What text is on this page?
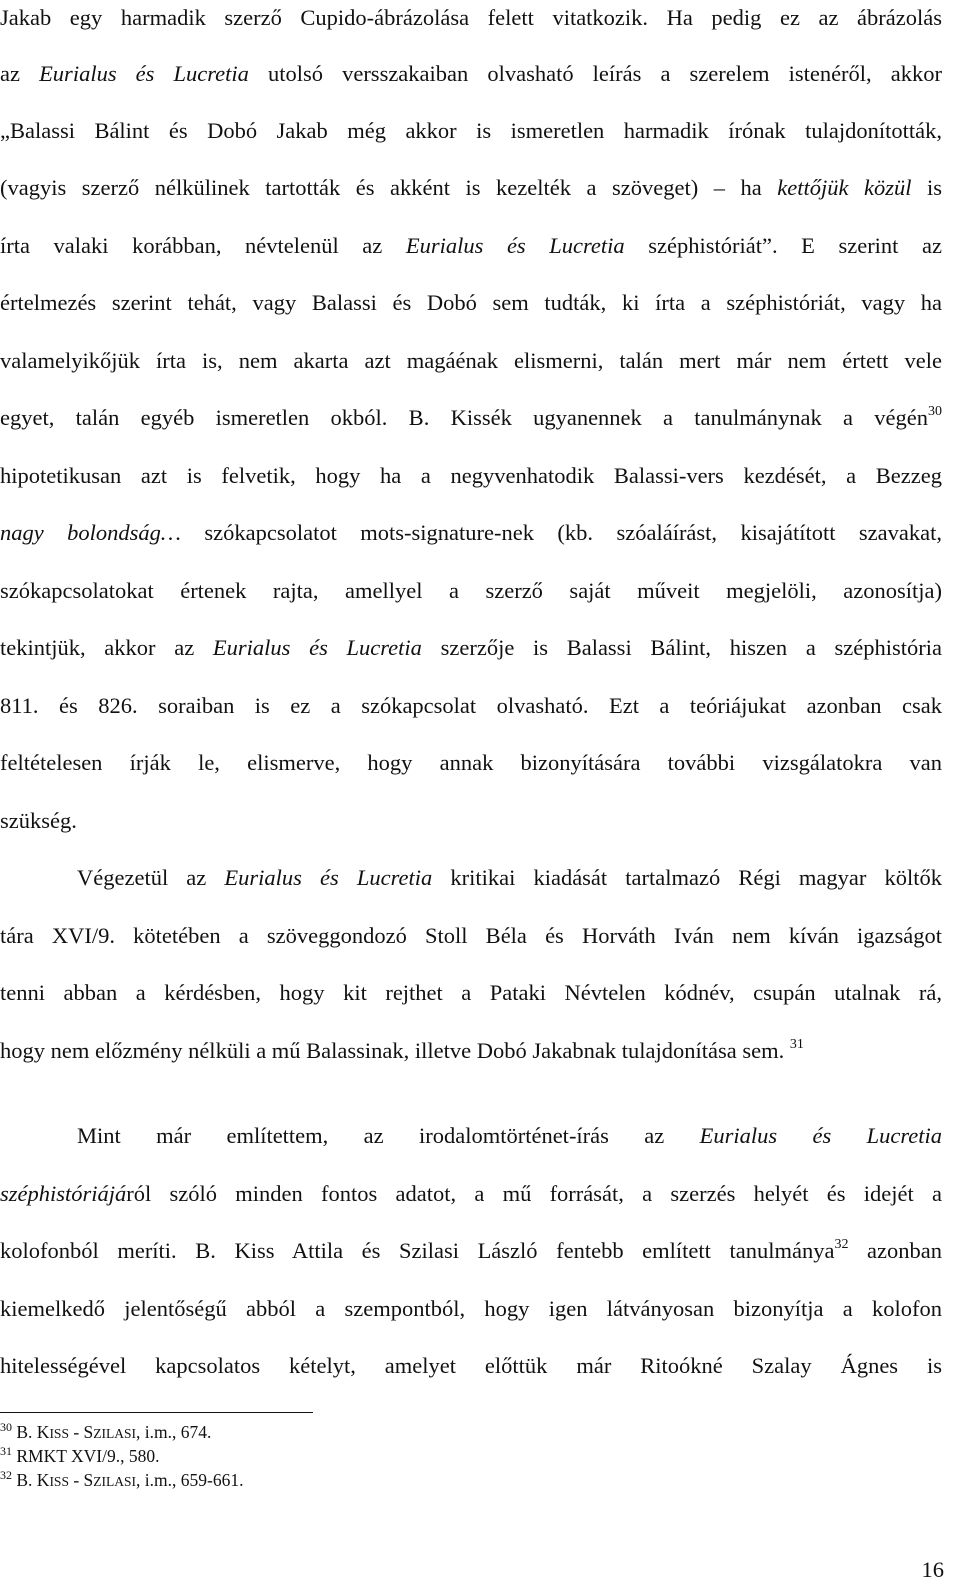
Jakab egy harmadik szerző Cupido-ábrázolása felett vitatkozik. Ha pedig ez az ábrázolás
az Eurialus és Lucretia utolsó versszakaiban olvasható leírás a szerelem istenéről, akkor
„Balassi Bálint és Dobó Jakab még akkor is ismeretlen harmadik írónak tulajdonították,
(vagyis szerző nélkülinek tartották és akként is kezelték a szöveget) – ha kettőjük közül is
írta valaki korábban, névtelenül az Eurialus és Lucretia széphistóriát”. E szerint az
értelmezés szerint tehát, vagy Balassi és Dobó sem tudták, ki írta a széphistóriát, vagy ha
valamelyikőjük írta is, nem akarta azt magáénak elismerni, talán mert már nem értett vele
egyet, talán egyéb ismeretlen okból. B. Kissék ugyanennek a tanulmánynak a végén$^{30}$
hipotetikusan azt is felvetik, hogy ha a negyvenhatodik Balassi-vers kezdését, a Bezzeg
nagy bolondság… szókapcsolatot mots-signature-nek (kb. szóaláírást, kisajátított szavakat,
szókapcsolatokat értenek rajta, amellyel a szerző saját műveit megjelöli, azonosítja)
tekintjük, akkor az Eurialus és Lucretia szerzője is Balassi Bálint, hiszen a széphistória
811. és 826. soraiban is ez a szókapcsolat olvasható. Ezt a teóriájukat azonban csak
feltételesen írják le, elismerve, hogy annak bizonyítására további vizsgálatokra van
szükség.
Végezetül az Eurialus és Lucretia kritikai kiadását tartalmazó Régi magyar költők
tára XVI/9. kötetében a szöveggondozó Stoll Béla és Horváth Iván nem kíván igazságot
tenni abban a kérdésben, hogy kit rejthet a Pataki Névtelen kódnév, csupán utalnak rá,
hogy nem előzmény nélküli a mű Balassinak, illetve Dobó Jakabnak tulajdonítása sem. $^{31}$
Mint már említettem, az irodalomtörténet-írás az Eurialus és Lucretia
széphistóriájáról szóló minden fontos adatot, a mű forrását, a szerzés helyét és idejét a
kolofonból meríti. B. Kiss Attila és Szilasi László fentebb említett tanulmánya$^{32}$ azonban
kiemelkedő jelentőségű abból a szempontból, hogy igen látványosan bizonyítja a kolofon
hitelességével kapcsolatos kételyt, amelyet előttük már Ritoókné Szalay Ágnes is
$^{30}$ B. KISS - SZILASI, i.m., 674.
$^{31}$ RMKT XVI/9., 580.
$^{32}$ B. KISS - SZILASI, i.m., 659-661.
16
